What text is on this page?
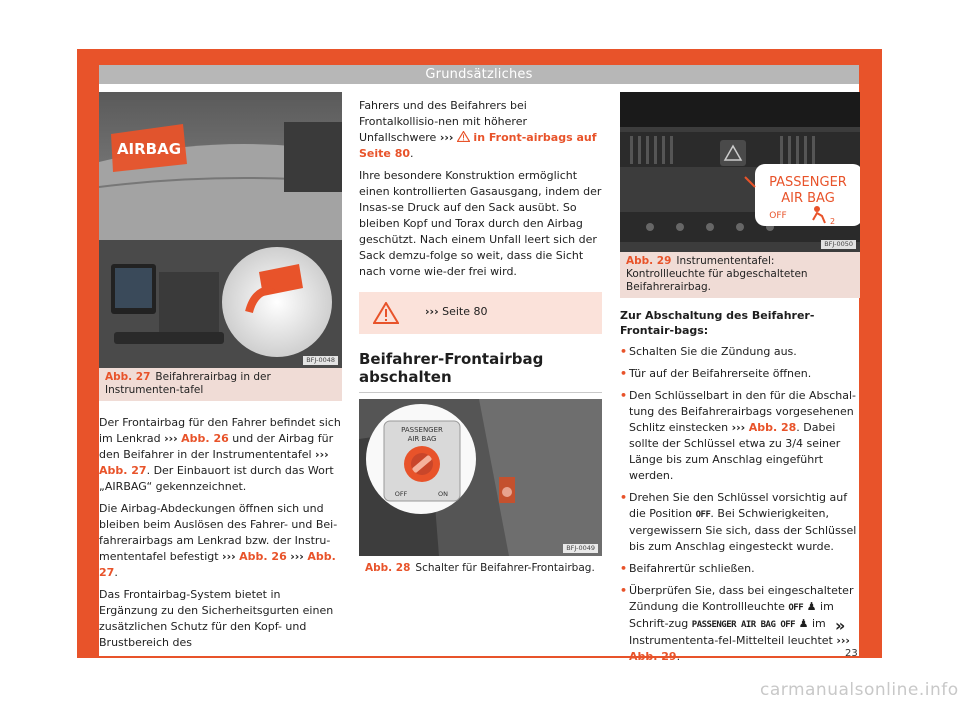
Grundsätzliches
AIRBAG
BFJ-0048
Abb. 27 Beifahrerairbag in der Instrumenten-tafel

Der Frontairbag für den Fahrer befindet sich im Lenkrad ››› Abb. 26 und der Airbag für den Beifahrer in der Instrumententafel ››› Abb. 27. Der Einbauort ist durch das Wort „AIRBAG“ gekennzeichnet.

Die Airbag-Abdeckungen öffnen sich und bleiben beim Auslösen des Fahrer- und Bei-fahrerairbags am Lenkrad bzw. der Instru-mententafel befestigt ››› Abb. 26 ››› Abb. 27.

Das Frontairbag-System bietet in Ergänzung zu den Sicherheitsgurten einen zusätzlichen Schutz für den Kopf- und Brustbereich des

Fahrers und des Beifahrers bei Frontalkollisio-nen mit höherer Unfallschwere ››› in Front-airbags auf Seite 80.

Ihre besondere Konstruktion ermöglicht einen kontrollierten Gasausgang, indem der Insas-se Druck auf den Sack ausübt. So bleiben Kopf und Torax durch den Airbag geschützt. Nach einem Unfall leert sich der Sack demzu-folge so weit, dass die Sicht nach vorne wie-der frei wird.

››› Seite 80
Beifahrer-Frontairbag abschalten
PASSENGER
AIR BAG
OFF	ON
BFJ-0049
Abb. 28 Schalter für Beifahrer-Frontairbag.
PASSENGER
AIR BAG
OFF
2
BFJ-0050
Abb. 29 Instrumententafel: Kontrollleuchte für abgeschalteten Beifahrerairbag.
Zur Abschaltung des Beifahrer-Frontair-bags:
• Schalten Sie die Zündung aus.
• Tür auf der Beifahrerseite öffnen.
• Den Schlüsselbart in den für die Abschal-tung des Beifahrerairbags vorgesehenen Schlitz einstecken ››› Abb. 28. Dabei sollte der Schlüssel etwa zu 3/4 seiner Länge bis zum Anschlag eingeführt werden.
• Drehen Sie den Schlüssel vorsichtig auf die Position OFF. Bei Schwierigkeiten, vergewissern Sie sich, dass der Schlüssel bis zum Anschlag eingesteckt wurde.
• Beifahrertür schließen.
• Überprüfen Sie, dass bei eingeschalteter Zündung die Kontrollleuchte OFF ♟ im Schrift-zug PASSENGER AIR BAG OFF ♟ im Instrumententa-fel-Mittelteil leuchtet ››› Abb. 29.
»
23
carmanualsonline.info
